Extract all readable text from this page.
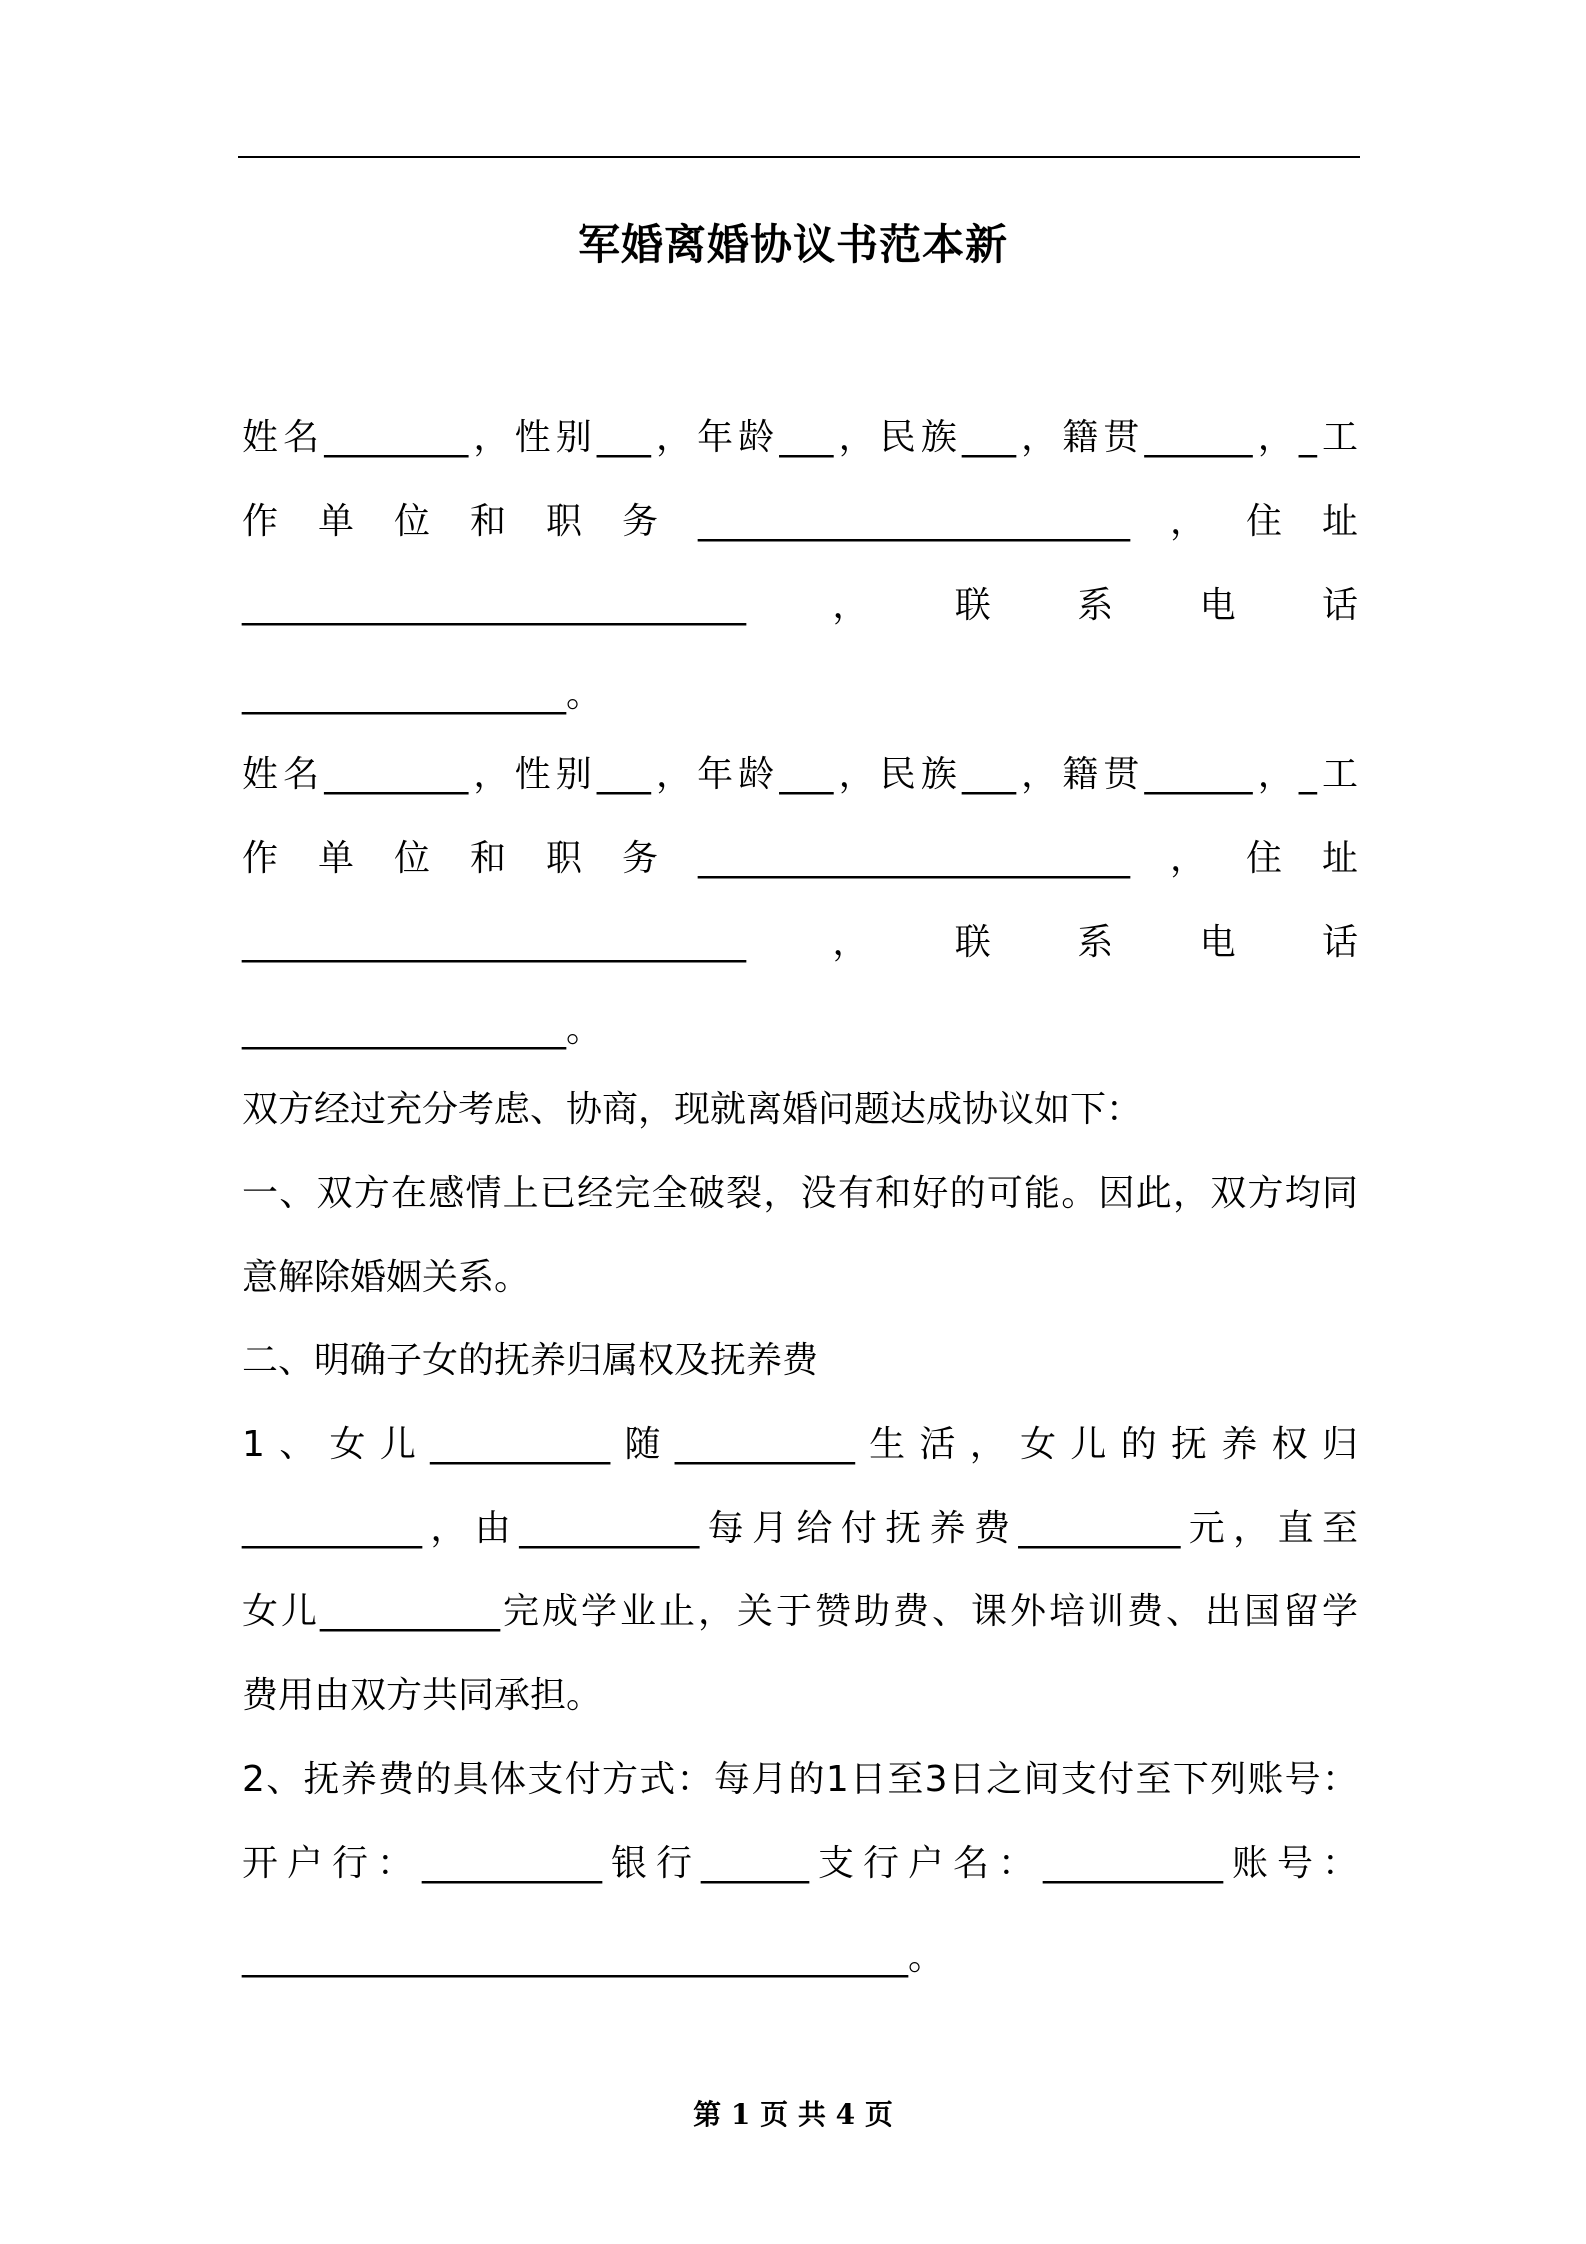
军婚离婚协议书范本新
姓名________，性别___，年龄___，民族___，籍贯______，_工
作单位和职务________________________，住址
____________________________，联系电话
__________________。
姓名________，性别___，年龄___，民族___，籍贯______，_工
作单位和职务________________________，住址
____________________________，联系电话
__________________。
双方经过充分考虑、协商，现就离婚问题达成协议如下：
一、双方在感情上已经完全破裂，没有和好的可能。因此，双方均同
意解除婚姻关系。
二、明确子女的抚养归属权及抚养费
1、女儿__________随__________生活，女儿的抚养权归
__________，由__________每月给付抚养费_________元，直至
女儿__________完成学业止，关于赞助费、课外培训费、出国留学
费用由双方共同承担。
2、抚养费的具体支付方式：每月的1日至3日之间支付至下列账号：
开户行：__________银行______支行户名：__________账号：
_____________________________________。
第 1 页 共 4 页
